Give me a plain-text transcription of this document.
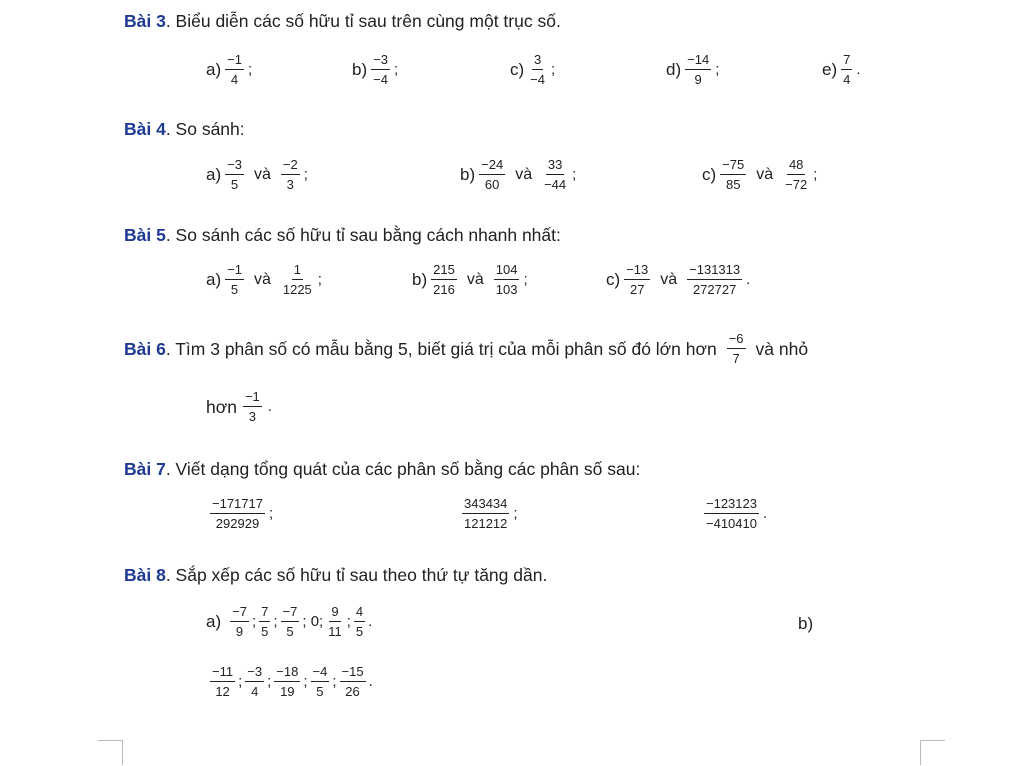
Bài 3. Biểu diễn các số hữu tỉ sau trên cùng một trục số.
$a) \frac{-1}{4}$ ;	$b) \frac{-3}{-4}$ ;	$c) \frac{3}{-4}$ ;	$d) \frac{-14}{9}$ ;	$e) \frac{7}{4}$ .
Bài 4. So sánh:
$a) \frac{-3}{5}$ và $\frac{-2}{3}$ ;	$b) \frac{-24}{60}$ và $\frac{33}{-44}$ ;	$c) \frac{-75}{85}$ và $\frac{48}{-72}$ ;
Bài 5. So sánh các số hữu tỉ sau bằng cách nhanh nhất:
$a) \frac{-1}{5}$ và $\frac{1}{1225}$ ;	$b) \frac{215}{216}$ và $\frac{104}{103}$ ;	$c) \frac{-13}{27}$ và $\frac{-131313}{272727}$ .
Bài 6 . Tìm 3 phân số có mẫu bằng 5, biết giá trị của mỗi phân số đó lớn hơn $\frac{-6}{7}$ và nhỏ
hơn $\frac{-1}{3}$ .
Bài 7. Viết dạng tổng quát của các phân số bằng các phân số sau:
$\frac{-171717}{292929}$ ;	$\frac{343434}{121212}$ ;	$\frac{-123123}{-410410}$ .
Bài 8. Sắp xếp các số hữu tỉ sau theo thứ tự tăng dần.
$a) \frac{-7}{9}$ ; $\frac{7}{5}$ ; $\frac{-7}{5}$ ; 0; $\frac{9}{11}$ ; $\frac{4}{5}$ .	b)
$\frac{-11}{12}$ ; $\frac{-3}{4}$ ; $\frac{-18}{19}$ ; $\frac{-4}{5}$ ; $\frac{-15}{26}$ .
